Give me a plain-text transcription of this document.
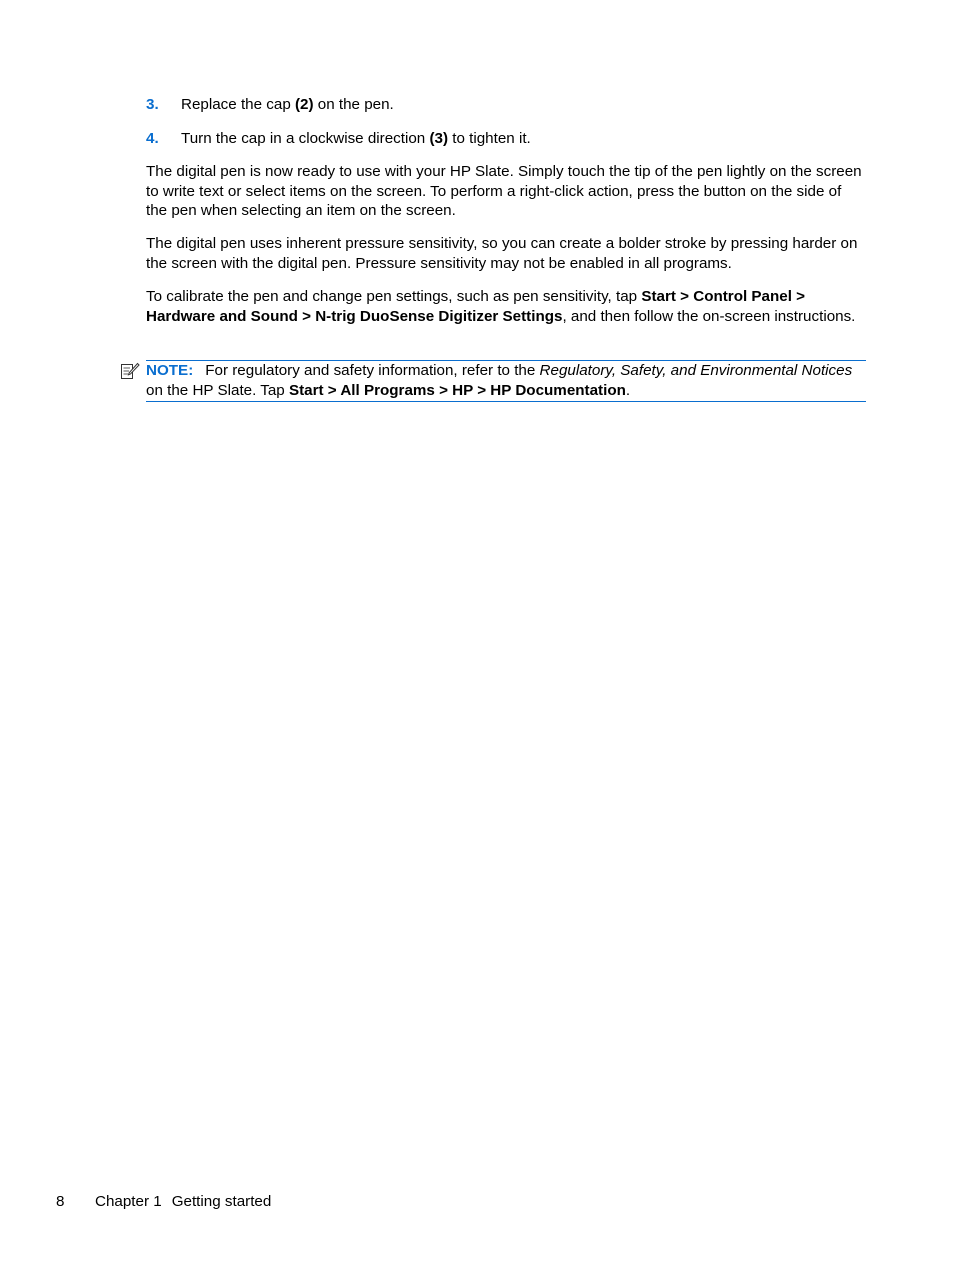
3. Replace the cap (2) on the pen.
4. Turn the cap in a clockwise direction (3) to tighten it.

The digital pen is now ready to use with your HP Slate. Simply touch the tip of the pen lightly on the screen to write text or select items on the screen. To perform a right-click action, press the button on the side of the pen when selecting an item on the screen.

The digital pen uses inherent pressure sensitivity, so you can create a bolder stroke by pressing harder on the screen with the digital pen. Pressure sensitivity may not be enabled in all programs.

To calibrate the pen and change pen settings, such as pen sensitivity, tap Start > Control Panel > Hardware and Sound > N-trig DuoSense Digitizer Settings, and then follow the on-screen instructions.

NOTE: For regulatory and safety information, refer to the Regulatory, Safety, and Environmental Notices on the HP Slate. Tap Start > All Programs > HP > HP Documentation.
8 Chapter 1 Getting started
